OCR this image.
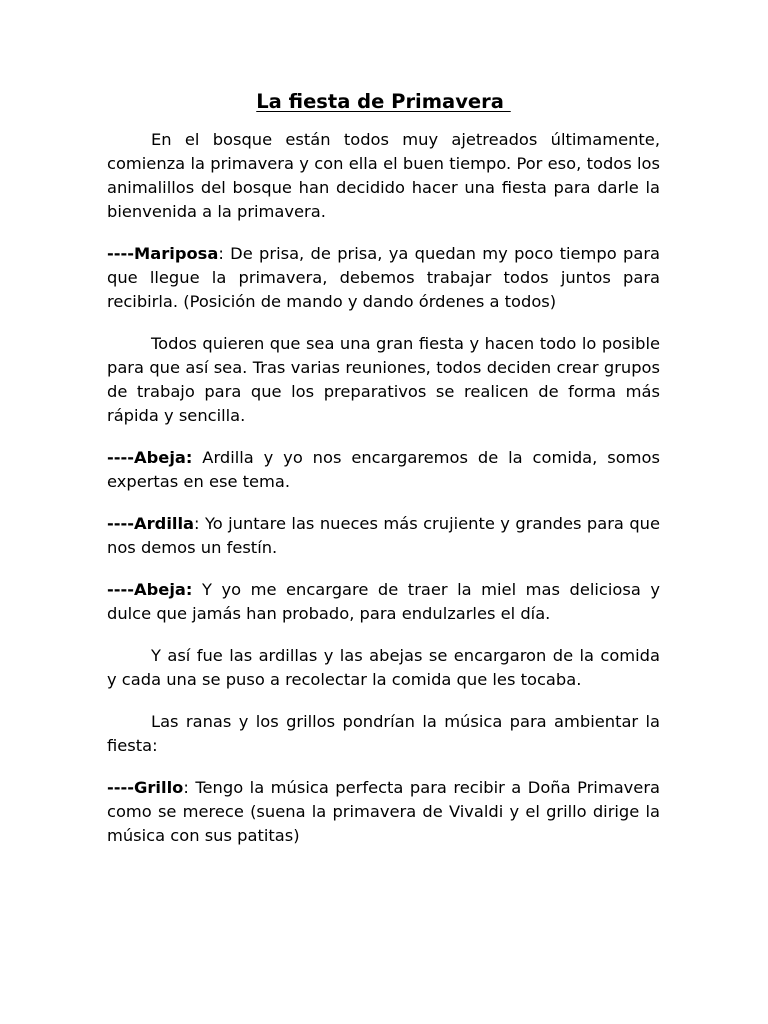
La fiesta de Primavera

En el bosque están todos muy ajetreados últimamente, comienza la primavera y con ella el buen tiempo. Por eso, todos los animalillos del bosque han decidido hacer una fiesta para darle la bienvenida a la primavera.

----Mariposa: De prisa, de prisa, ya quedan my poco tiempo para que llegue la primavera, debemos trabajar todos juntos para recibirla. (Posición de mando y dando órdenes a todos)

Todos quieren que sea una gran fiesta y hacen todo lo posible para que así sea. Tras varias reuniones, todos deciden crear grupos de trabajo para que los preparativos se realicen de forma más rápida y sencilla.

----Abeja: Ardilla y yo nos encargaremos de la comida, somos expertas en ese tema.

----Ardilla: Yo juntare las nueces más crujiente y grandes para que nos demos un festín.

----Abeja: Y yo me encargare de traer la miel mas deliciosa y dulce que jamás han probado, para endulzarles el día.

Y así fue las ardillas y las abejas se encargaron de la comida y cada una se puso a recolectar la comida que les tocaba.

Las ranas y los grillos pondrían la música para ambientar la fiesta:

----Grillo: Tengo la música perfecta para recibir a Doña Primavera como se merece (suena la primavera de Vivaldi y el grillo dirige la música con sus patitas)
